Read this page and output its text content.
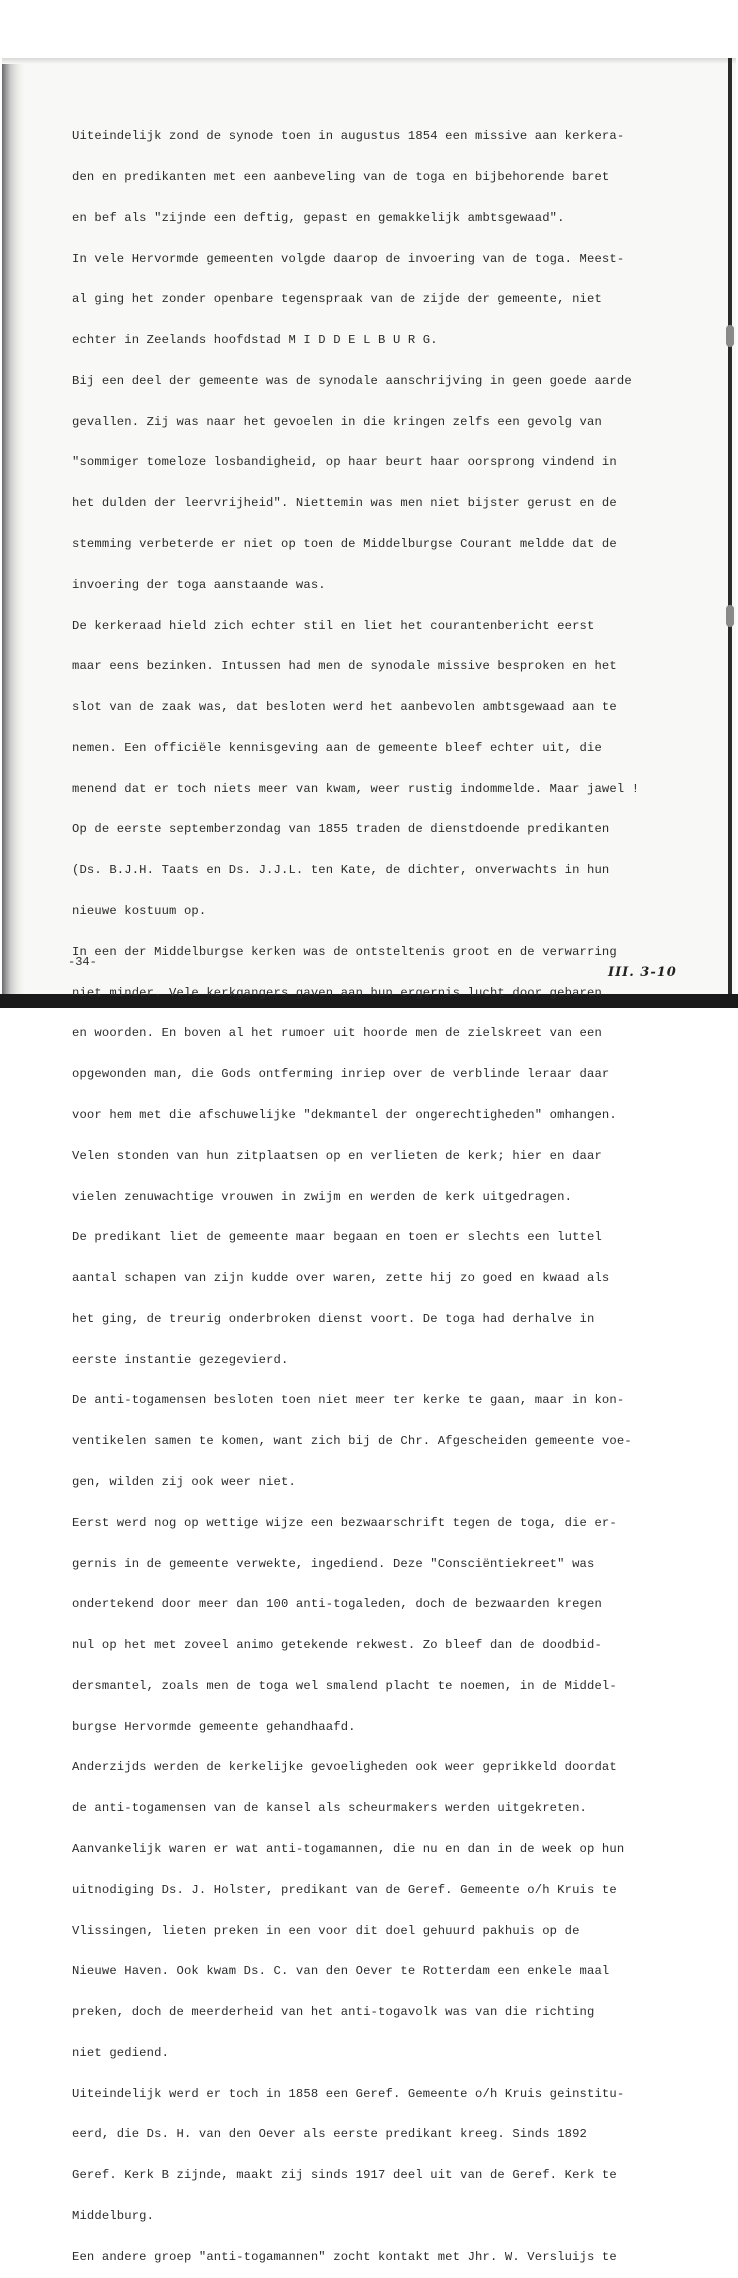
Uiteindelijk zond de synode toen in augustus 1854 een missive aan kerkera-

den en predikanten met een aanbeveling van de toga en bijbehorende baret

en bef als "zijnde een deftig, gepast en gemakkelijk ambtsgewaad".

In vele Hervormde gemeenten volgde daarop de invoering van de toga. Meest-

al ging het zonder openbare tegenspraak van de zijde der gemeente, niet

echter in Zeelands hoofdstad M I D D E L B U R G.

Bij een deel der gemeente was de synodale aanschrijving in geen goede aarde

gevallen. Zij was naar het gevoelen in die kringen zelfs een gevolg van

"sommiger tomeloze losbandigheid, op haar beurt haar oorsprong vindend in

het dulden der leervrijheid". Niettemin was men niet bijster gerust en de

stemming verbeterde er niet op toen de Middelburgse Courant meldde dat de

invoering der toga aanstaande was.

De kerkeraad hield zich echter stil en liet het courantenbericht eerst

maar eens bezinken. Intussen had men de synodale missive besproken en het

slot van de zaak was, dat besloten werd het aanbevolen ambtsgewaad aan te

nemen. Een officiële kennisgeving aan de gemeente bleef echter uit, die

menend dat er toch niets meer van kwam, weer rustig indommelde. Maar jawel !

Op de eerste septemberzondag van 1855 traden de dienstdoende predikanten

(Ds. B.J.H. Taats en Ds. J.J.L. ten Kate, de dichter, onverwachts in hun

nieuwe kostuum op.

In een der Middelburgse kerken was de ontsteltenis groot en de verwarring

niet minder. Vele kerkgangers gaven aan hun ergernis lucht door gebaren

en woorden. En boven al het rumoer uit hoorde men de zielskreet van een

opgewonden man, die Gods ontferming inriep over de verblinde leraar daar

voor hem met die afschuwelijke "dekmantel der ongerechtigheden" omhangen.

Velen stonden van hun zitplaatsen op en verlieten de kerk; hier en daar

vielen zenuwachtige vrouwen in zwijm en werden de kerk uitgedragen.

De predikant liet de gemeente maar begaan en toen er slechts een luttel

aantal schapen van zijn kudde over waren, zette hij zo goed en kwaad als

het ging, de treurig onderbroken dienst voort. De toga had derhalve in

eerste instantie gezegevierd.

De anti-togamensen besloten toen niet meer ter kerke te gaan, maar in kon-

ventikelen samen te komen, want zich bij de Chr. Afgescheiden gemeente voe-

gen, wilden zij ook weer niet.

Eerst werd nog op wettige wijze een bezwaarschrift tegen de toga, die er-

gernis in de gemeente verwekte, ingediend. Deze "Consciëntiekreet" was

ondertekend door meer dan 100 anti-togaleden, doch de bezwaarden kregen

nul op het met zoveel animo getekende rekwest. Zo bleef dan de doodbid-

dersmantel, zoals men de toga wel smalend placht te noemen, in de Middel-

burgse Hervormde gemeente gehandhaafd.

Anderzijds werden de kerkelijke gevoeligheden ook weer geprikkeld doordat

de anti-togamensen van de kansel als scheurmakers werden uitgekreten.

Aanvankelijk waren er wat anti-togamannen, die nu en dan in de week op hun

uitnodiging Ds. J. Holster, predikant van de Geref. Gemeente o/h Kruis te

Vlissingen, lieten preken in een voor dit doel gehuurd pakhuis op de

Nieuwe Haven. Ook kwam Ds. C. van den Oever te Rotterdam een enkele maal

preken, doch de meerderheid van het anti-togavolk was van die richting

niet gediend.

Uiteindelijk werd er toch in 1858 een Geref. Gemeente o/h Kruis geinstitu-

eerd, die Ds. H. van den Oever als eerste predikant kreeg. Sinds 1892

Geref. Kerk B zijnde, maakt zij sinds 1917 deel uit van de Geref. Kerk te

Middelburg.

Een andere groep "anti-togamannen" zocht kontakt met Jhr. W. Versluijs te

-34-
III. 3-10
